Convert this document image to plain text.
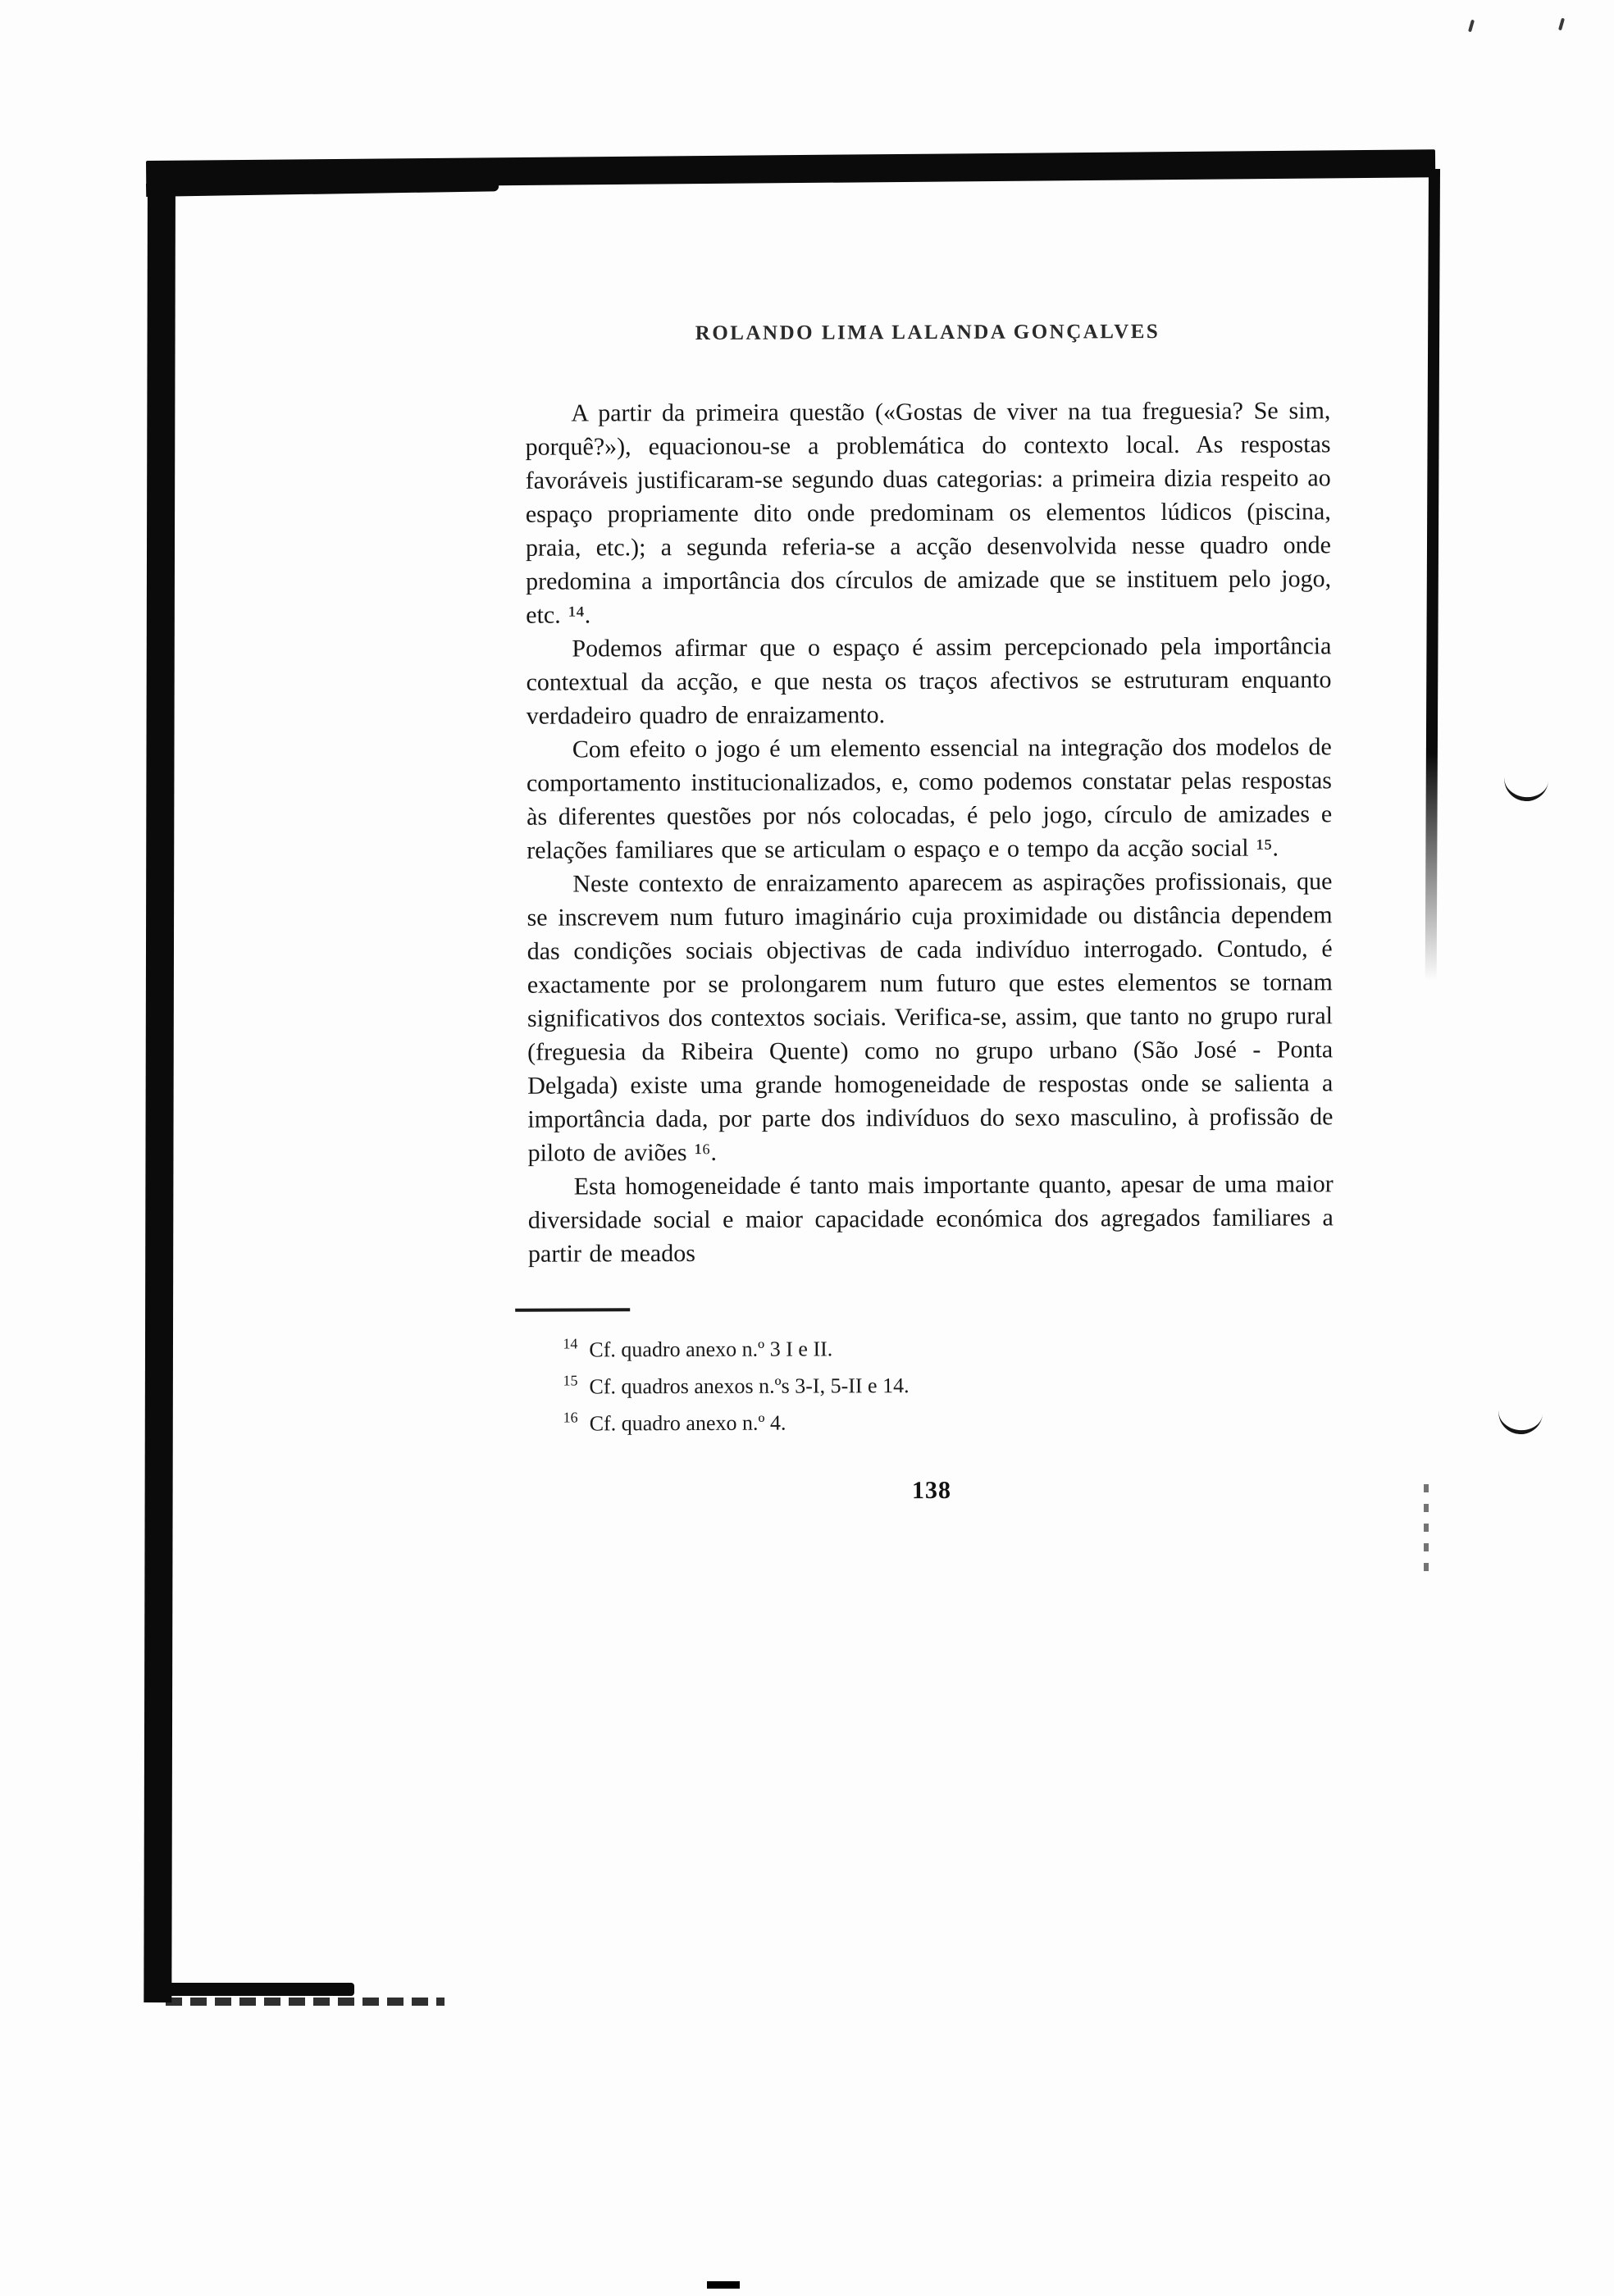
ROLANDO LIMA LALANDA GONÇALVES

A partir da primeira questão («Gostas de viver na tua freguesia? Se sim, porquê?»), equacionou-se a problemática do contexto local. As respostas favoráveis justificaram-se segundo duas categorias: a primeira dizia respeito ao espaço propriamente dito onde predominam os elementos lúdicos (piscina, praia, etc.); a segunda referia-se a acção desenvolvida nesse quadro onde predomina a importância dos círculos de amizade que se instituem pelo jogo, etc. ¹⁴.

Podemos afirmar que o espaço é assim percepcionado pela importância contextual da acção, e que nesta os traços afectivos se estruturam enquanto verdadeiro quadro de enraizamento.

Com efeito o jogo é um elemento essencial na integração dos modelos de comportamento institucionalizados, e, como podemos constatar pelas respostas às diferentes questões por nós colocadas, é pelo jogo, círculo de amizades e relações familiares que se articulam o espaço e o tempo da acção social ¹⁵.

Neste contexto de enraizamento aparecem as aspirações profissionais, que se inscrevem num futuro imaginário cuja proximidade ou distância dependem das condições sociais objectivas de cada indivíduo interrogado. Contudo, é exactamente por se prolongarem num futuro que estes elementos se tornam significativos dos contextos sociais. Verifica-se, assim, que tanto no grupo rural (freguesia da Ribeira Quente) como no grupo urbano (São José - Ponta Delgada) existe uma grande homogeneidade de respostas onde se salienta a importância dada, por parte dos indivíduos do sexo masculino, à profissão de piloto de aviões ¹⁶.

Esta homogeneidade é tanto mais importante quanto, apesar de uma maior diversidade social e maior capacidade económica dos agregados familiares a partir de meados

$^{14}$ Cf. quadro anexo n.º 3 I e II.
$^{15}$ Cf. quadros anexos n.ºs 3-I, 5-II e 14.
$^{16}$ Cf. quadro anexo n.º 4.
138
